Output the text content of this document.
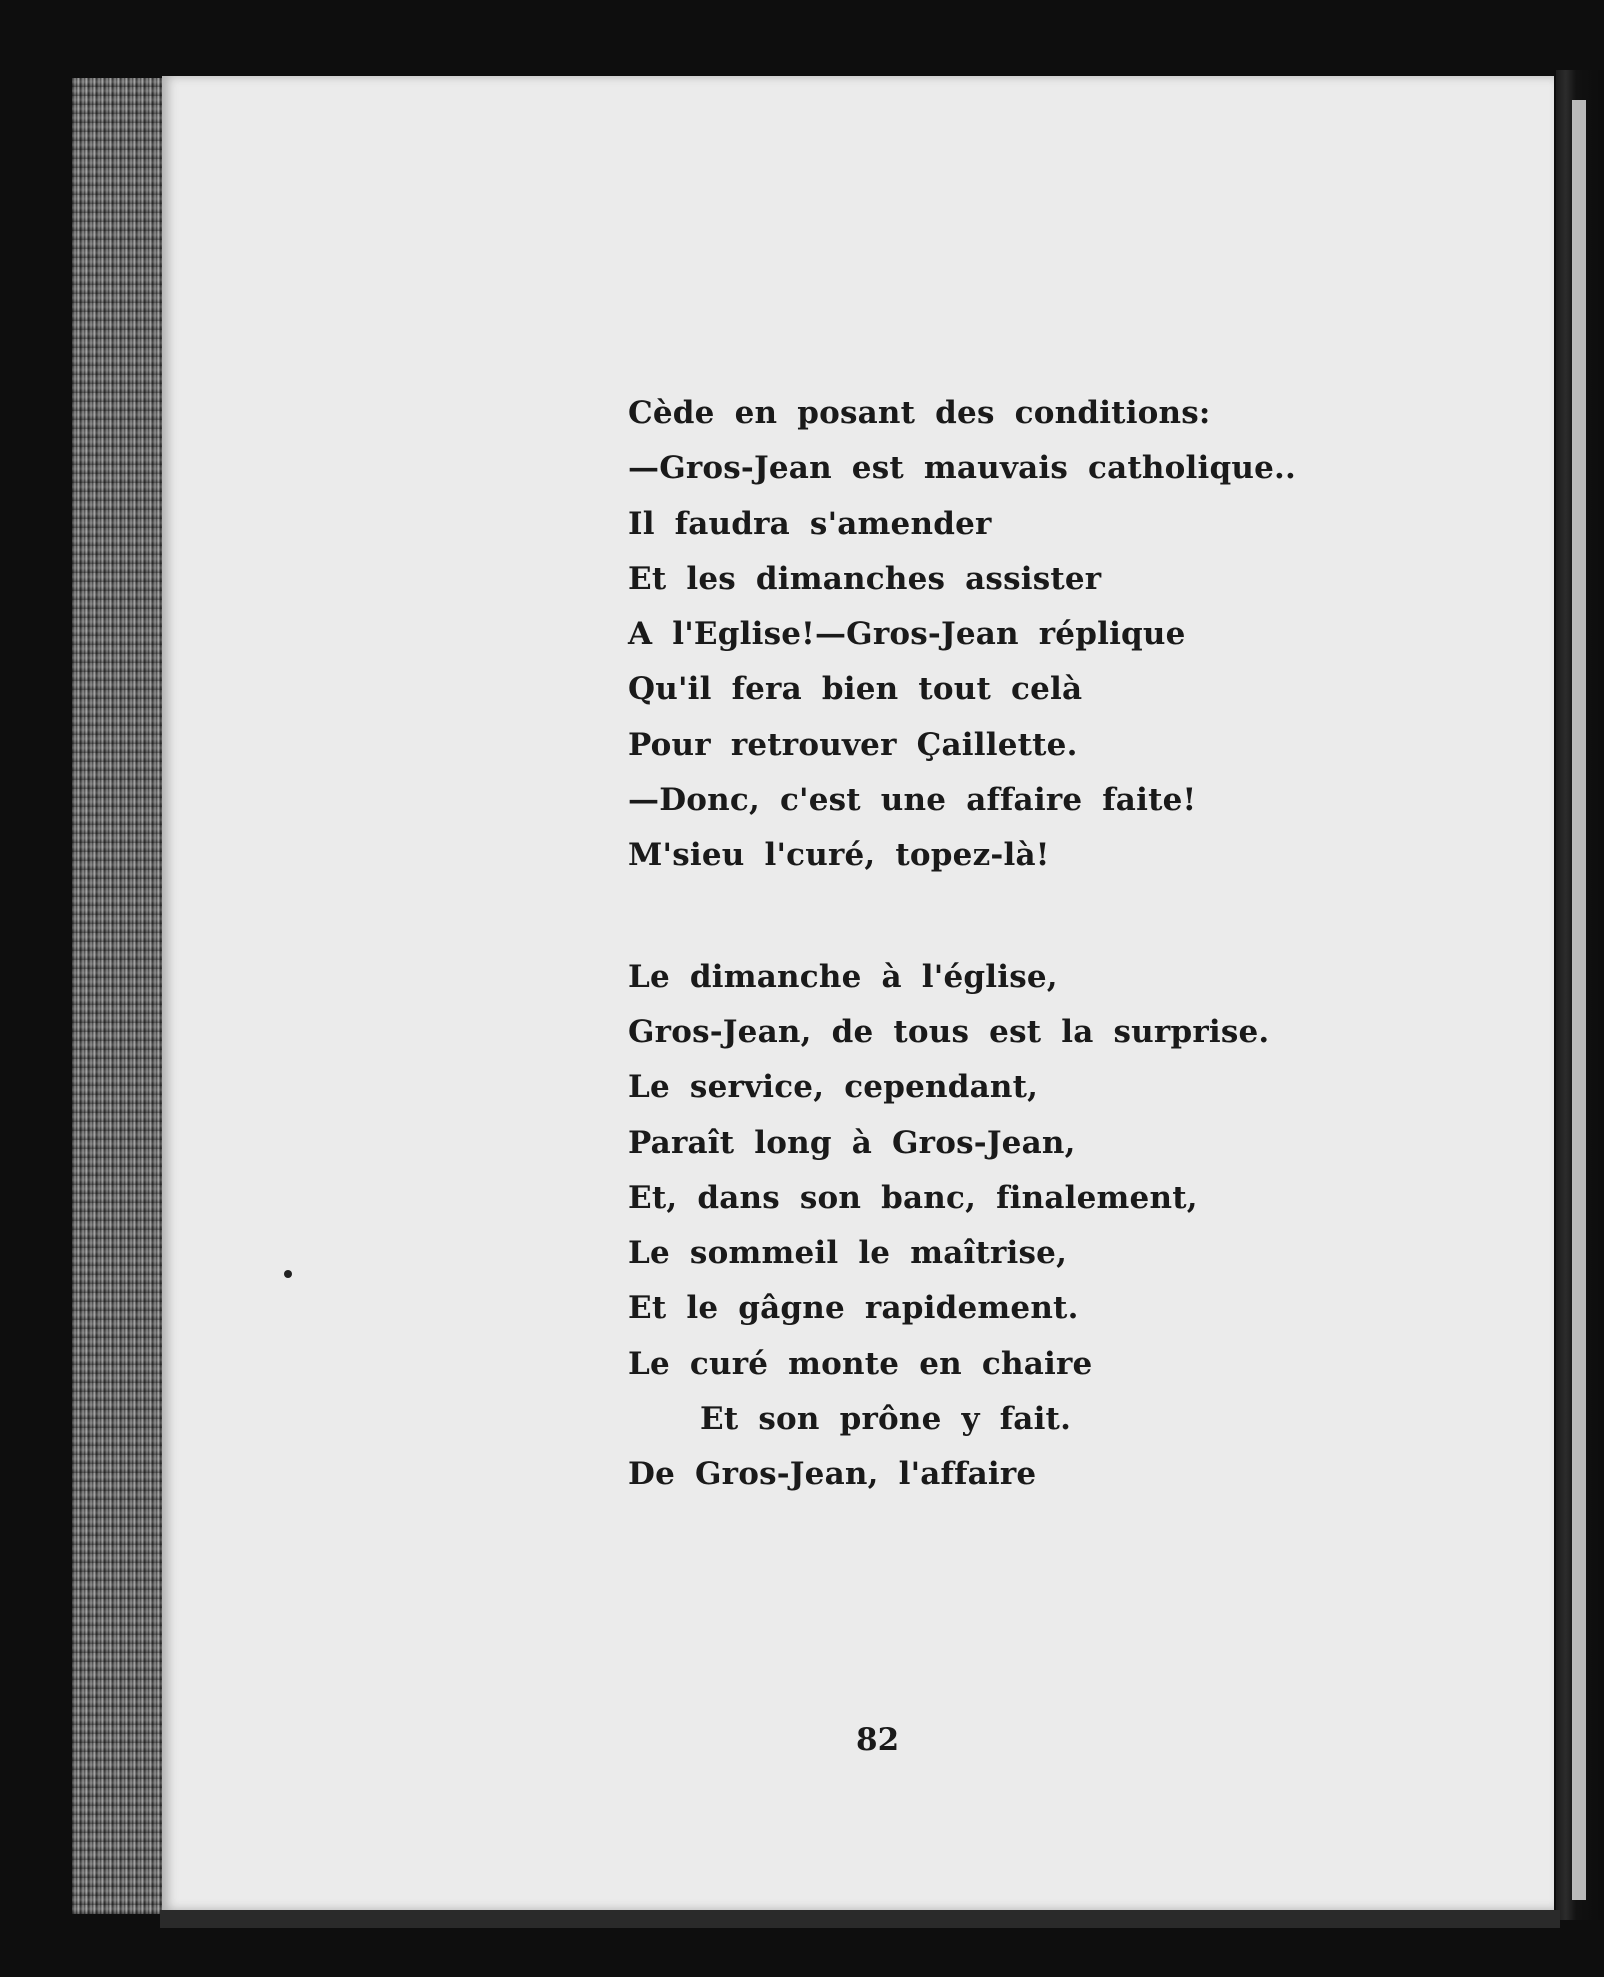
Cède en posant des conditions:
—Gros-Jean est mauvais catholique..
Il faudra s'amender
Et les dimanches assister
A l'Eglise!—Gros-Jean réplique
Qu'il fera bien tout celà
Pour retrouver Çaillette.
—Donc, c'est une affaire faite!
M'sieu l'curé, topez-là!
Le dimanche à l'église,
Gros-Jean, de tous est la surprise.
Le service, cependant,
Paraît long à Gros-Jean,
Et, dans son banc, finalement,
Le sommeil le maîtrise,
Et le gâgne rapidement.
Le curé monte en chaire
Et son prône y fait.
De Gros-Jean, l'affaire
82
